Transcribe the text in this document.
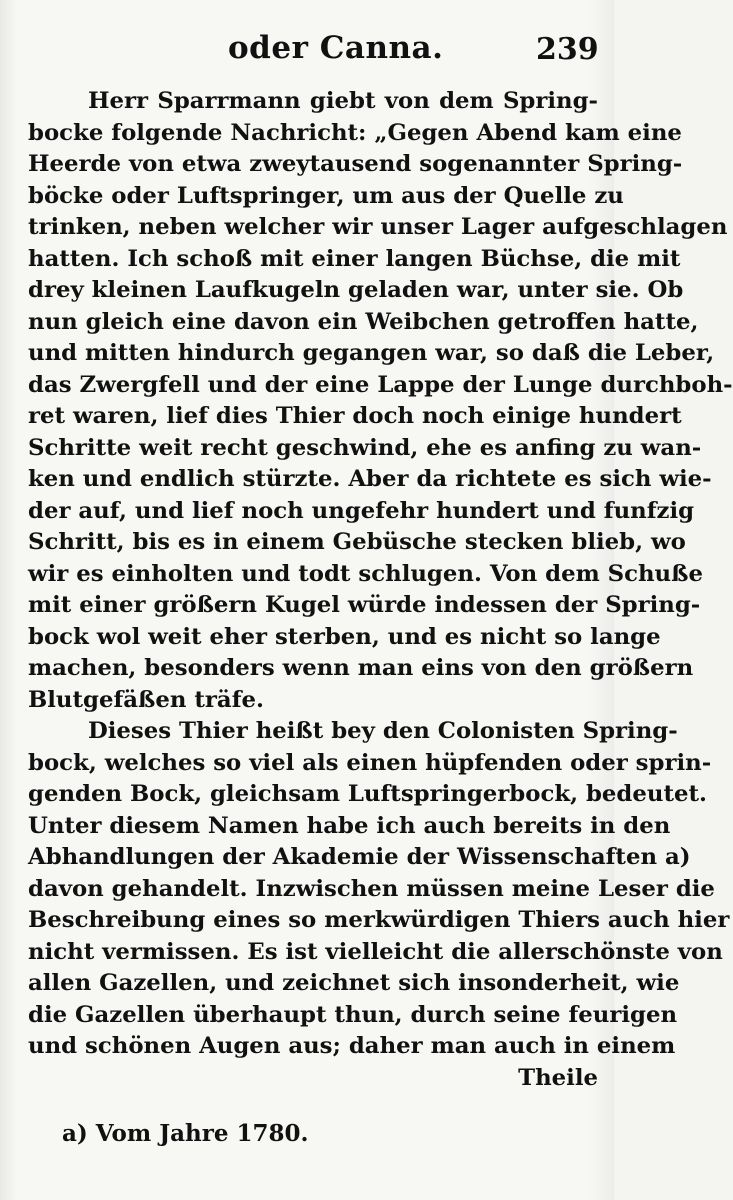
oder Canna.	239
Herr Sparrmann giebt von dem Spring-
bocke folgende Nachricht: „Gegen Abend kam eine
Heerde von etwa zweytausend sogenannter Spring-
böcke oder Luftspringer, um aus der Quelle zu
trinken, neben welcher wir unser Lager aufgeschlagen
hatten. Ich schoß mit einer langen Büchse, die mit
drey kleinen Laufkugeln geladen war, unter sie. Ob
nun gleich eine davon ein Weibchen getroffen hatte,
und mitten hindurch gegangen war, so daß die Leber,
das Zwergfell und der eine Lappe der Lunge durchboh-
ret waren, lief dies Thier doch noch einige hundert
Schritte weit recht geschwind, ehe es anfing zu wan-
ken und endlich stürzte. Aber da richtete es sich wie-
der auf, und lief noch ungefehr hundert und funfzig
Schritt, bis es in einem Gebüsche stecken blieb, wo
wir es einholten und todt schlugen. Von dem Schuße
mit einer größern Kugel würde indessen der Spring-
bock wol weit eher sterben, und es nicht so lange
machen, besonders wenn man eins von den größern
Blutgefäßen träfe.
Dieses Thier heißt bey den Colonisten Spring-
bock, welches so viel als einen hüpfenden oder sprin-
genden Bock, gleichsam Luftspringerbock, bedeutet.
Unter diesem Namen habe ich auch bereits in den
Abhandlungen der Akademie der Wissenschaften a)
davon gehandelt. Inzwischen müssen meine Leser die
Beschreibung eines so merkwürdigen Thiers auch hier
nicht vermissen. Es ist vielleicht die allerschönste von
allen Gazellen, und zeichnet sich insonderheit, wie
die Gazellen überhaupt thun, durch seine feurigen
und schönen Augen aus; daher man auch in einem
Theile
a) Vom Jahre 1780.
